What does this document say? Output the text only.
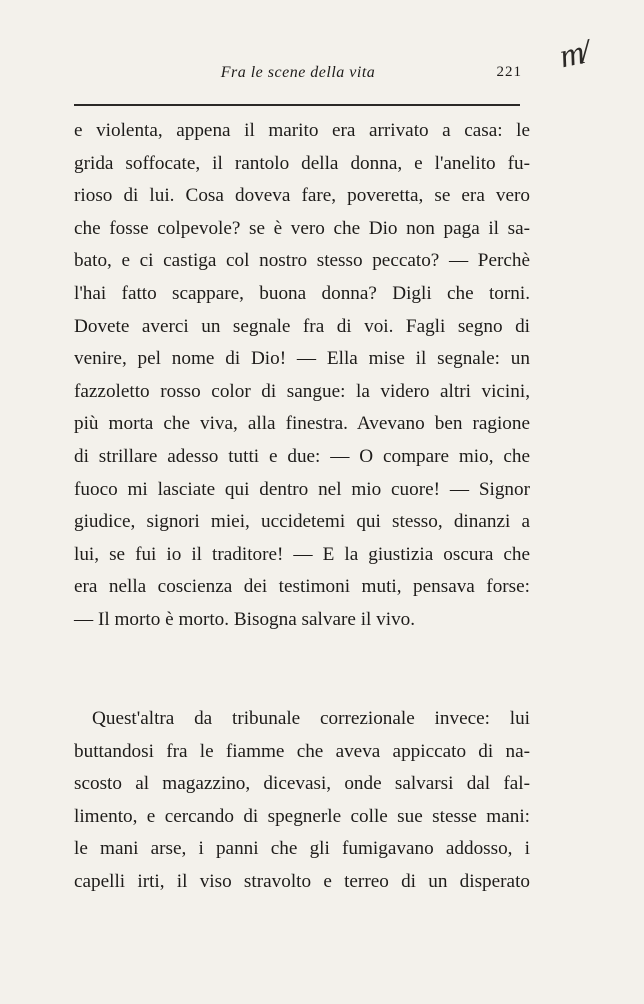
Fra le scene della vita	221 m/
e violenta, appena il marito era arrivato a casa: le
grida soffocate, il rantolo della donna, e l'anelito fu-
rioso di lui. Cosa doveva fare, poveretta, se era vero
che fosse colpevole? se è vero che Dio non paga il sa-
bato, e ci castiga col nostro stesso peccato? — Perchè
l'hai fatto scappare, buona donna? Digli che torni.
Dovete averci un segnale fra di voi. Fagli segno di
venire, pel nome di Dio! — Ella mise il segnale: un
fazzoletto rosso color di sangue: la videro altri vicini,
più morta che viva, alla finestra. Avevano ben ragione
di strillare adesso tutti e due: — O compare mio, che
fuoco mi lasciate qui dentro nel mio cuore! — Signor
giudice, signori miei, uccidetemi qui stesso, dinanzi a
lui, se fui io il traditore! — E la giustizia oscura che
era nella coscienza dei testimoni muti, pensava forse:
— Il morto è morto. Bisogna salvare il vivo.
Quest'altra da tribunale correzionale invece: lui
buttandosi fra le fiamme che aveva appiccato di na-
scosto al magazzino, dicevasi, onde salvarsi dal fal-
limento, e cercando di spegnerle colle sue stesse mani:
le mani arse, i panni che gli fumigavano addosso, i
capelli irti, il viso stravolto e terreo di un disperato
